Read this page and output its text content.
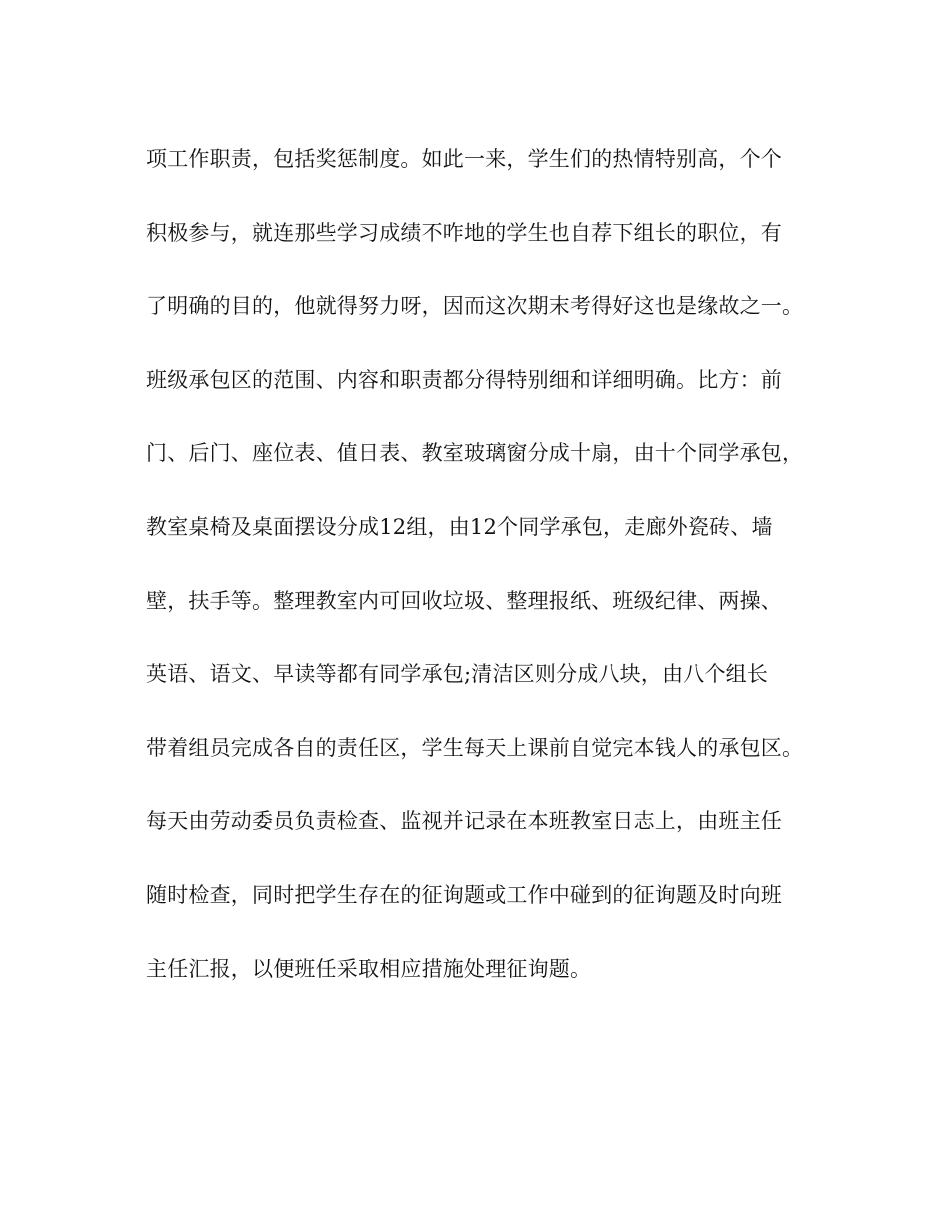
项工作职责，包括奖惩制度。如此一来，学生们的热情特别高，个个
积极参与，就连那些学习成绩不咋地的学生也自荐下组长的职位，有
了明确的目的，他就得努力呀，因而这次期末考得好这也是缘故之一。
班级承包区的范围、内容和职责都分得特别细和详细明确。比方：前
门、后门、座位表、值日表、教室玻璃窗分成十扇，由十个同学承包，
教室桌椅及桌面摆设分成12组，由12个同学承包，走廊外瓷砖、墙
壁，扶手等。整理教室内可回收垃圾、整理报纸、班级纪律、两操、
英语、语文、早读等都有同学承包;清洁区则分成八块，由八个组长
带着组员完成各自的责任区，学生每天上课前自觉完本钱人的承包区。
每天由劳动委员负责检查、监视并记录在本班教室日志上，由班主任
随时检查，同时把学生存在的征询题或工作中碰到的征询题及时向班
主任汇报，以便班任采取相应措施处理征询题。
